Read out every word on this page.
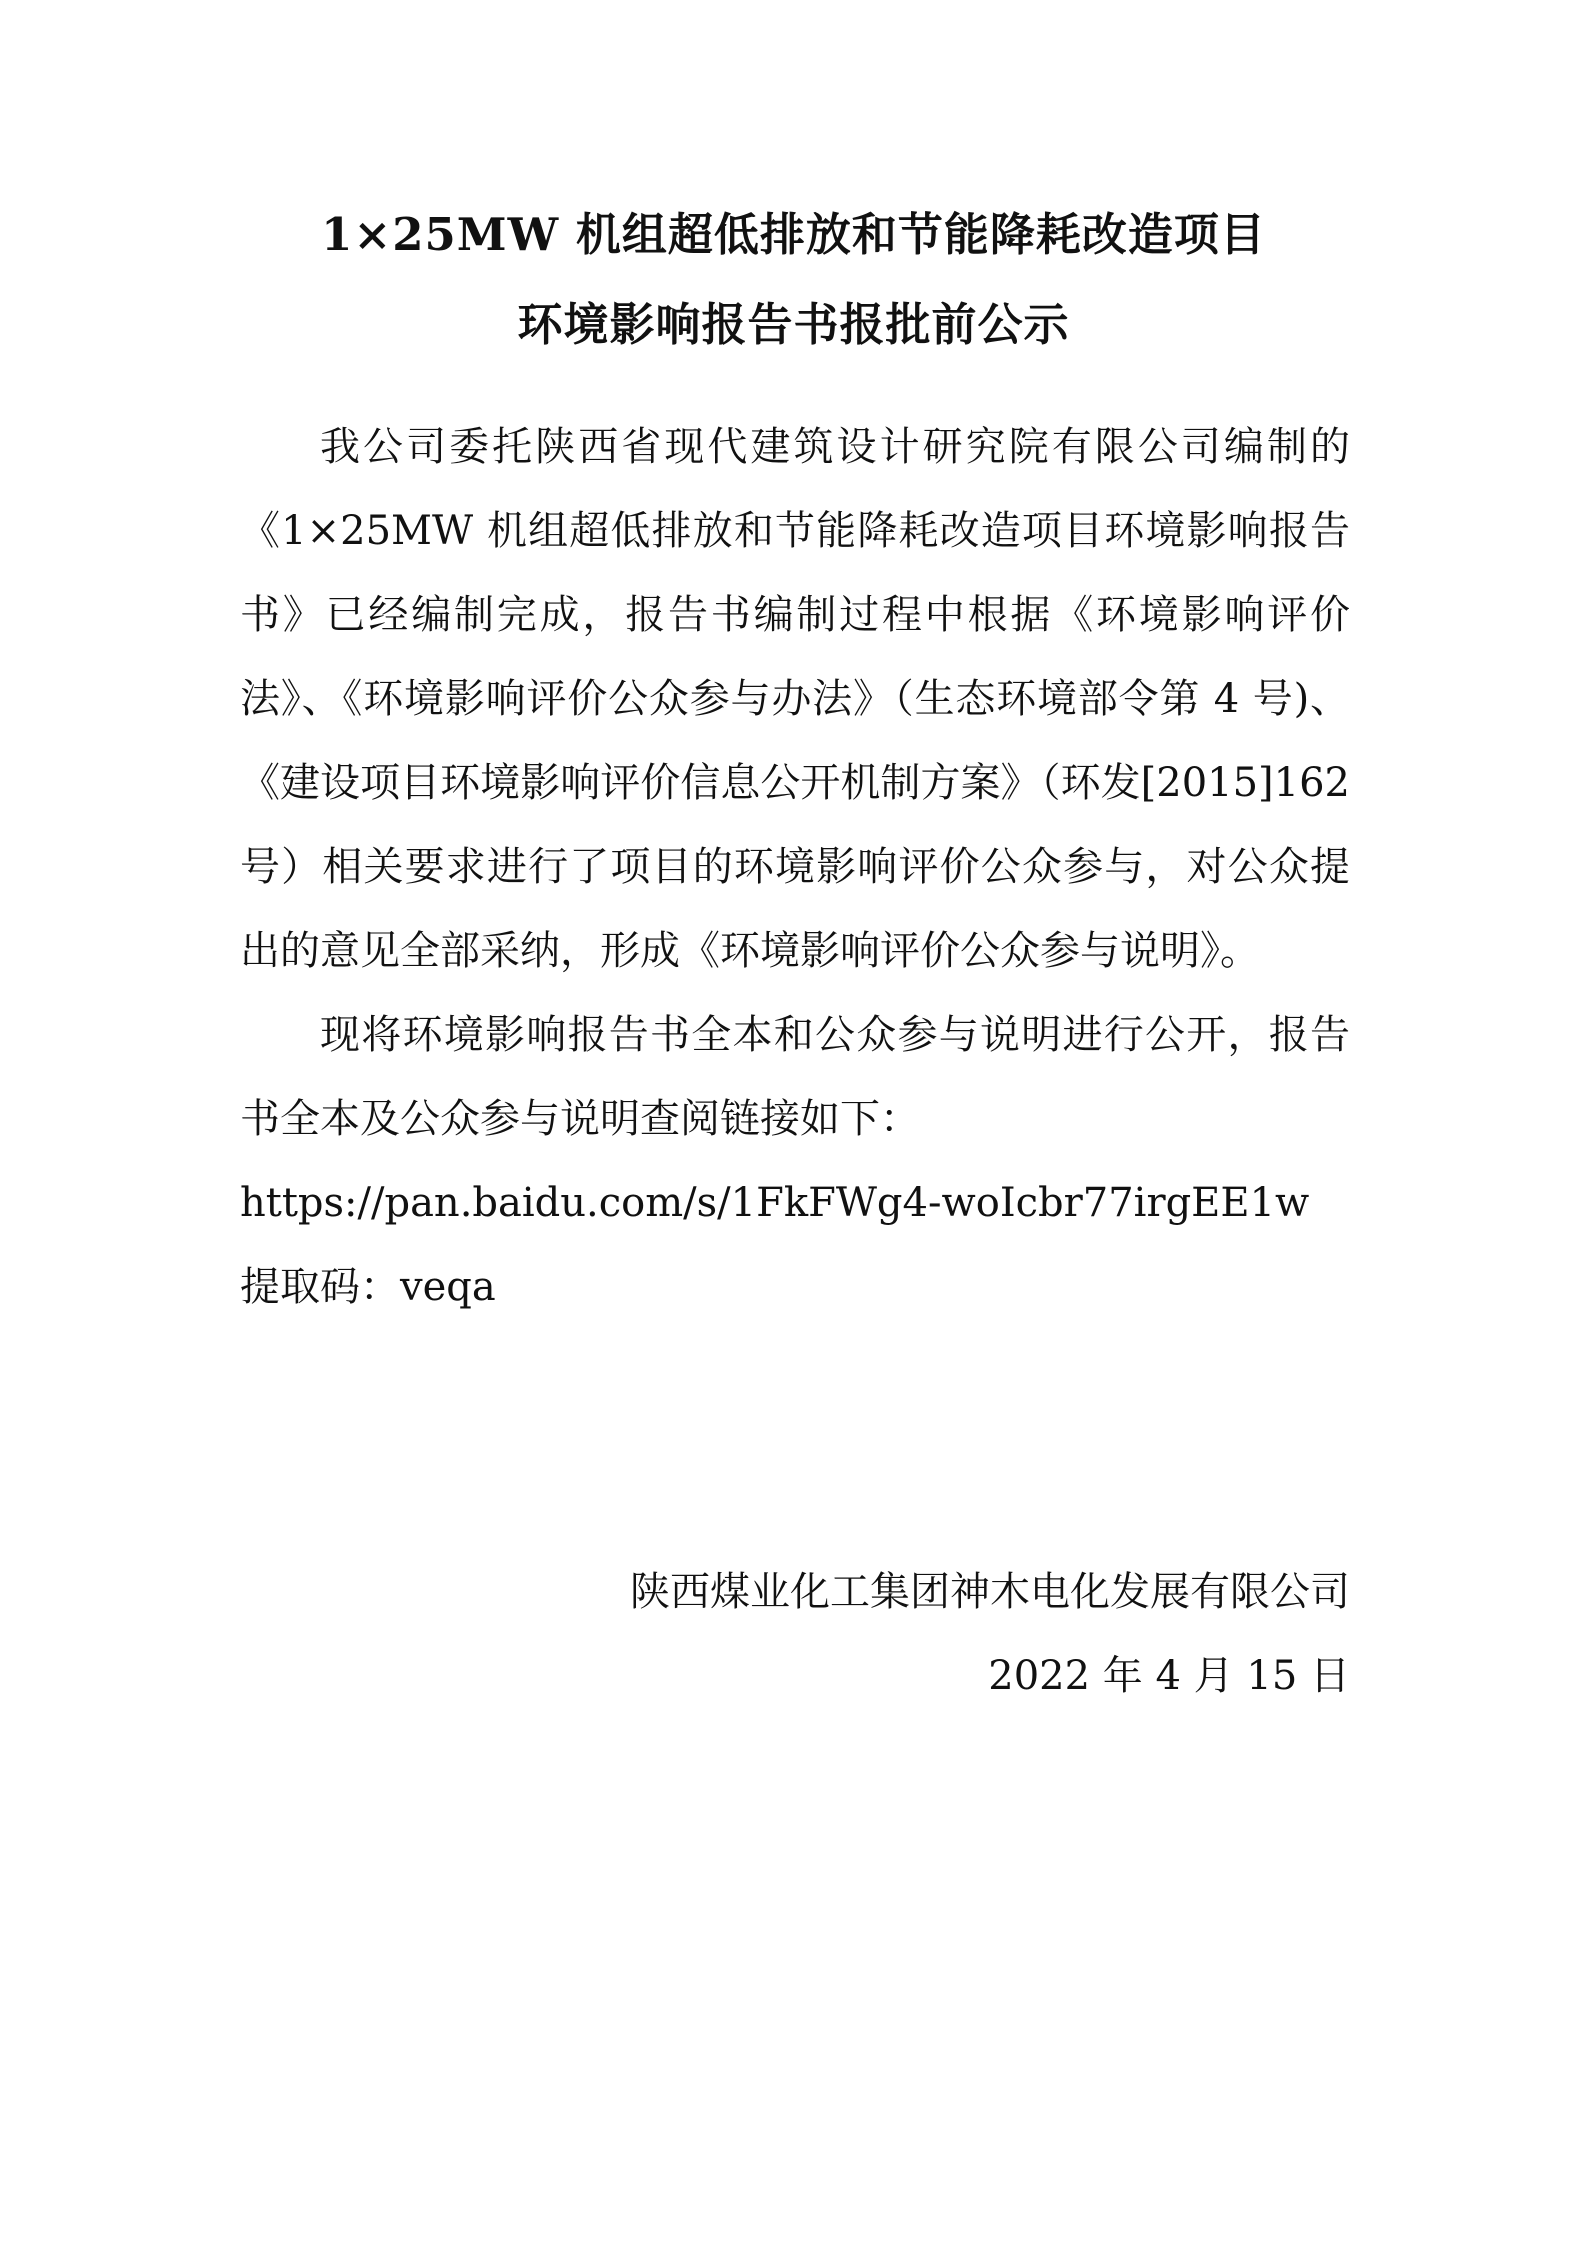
1×25MW 机组超低排放和节能降耗改造项目
环境影响报告书报批前公示

我公司委托陕西省现代建筑设计研究院有限公司编制的《1×25MW 机组超低排放和节能降耗改造项目环境影响报告书》已经编制完成，报告书编制过程中根据《环境影响评价法》、《环境影响评价公众参与办法》（生态环境部令第 4 号)、《建设项目环境影响评价信息公开机制方案》（环发[2015]162 号）相关要求进行了项目的环境影响评价公众参与，对公众提出的意见全部采纳，形成《环境影响评价公众参与说明》。

现将环境影响报告书全本和公众参与说明进行公开，报告书全本及公众参与说明查阅链接如下：

https://pan.baidu.com/s/1FkFWg4-woIcbr77irgEE1w

提取码：veqa

陕西煤业化工集团神木电化发展有限公司
2022 年 4 月 15 日
